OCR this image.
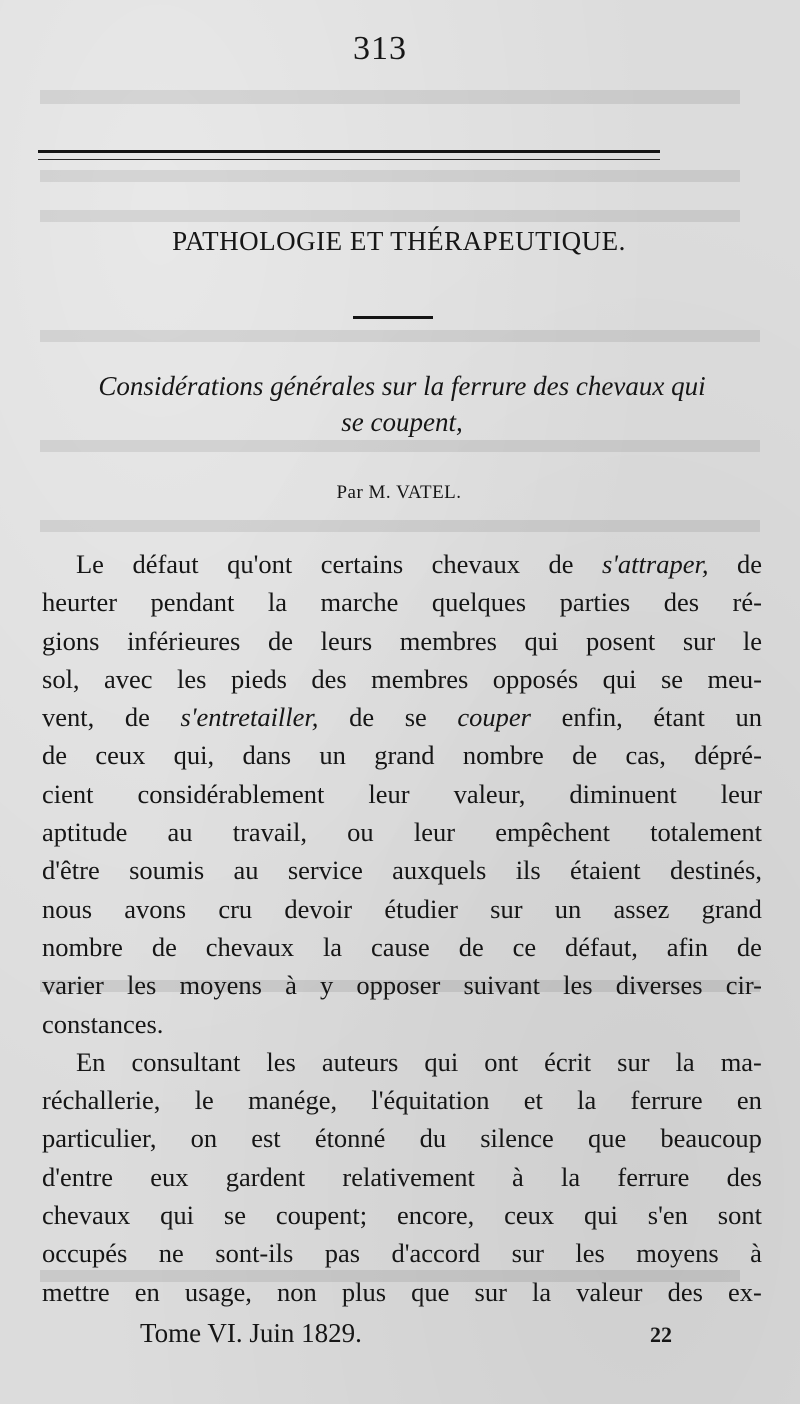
313
PATHOLOGIE ET THÉRAPEUTIQUE.
Considérations générales sur la ferrure des chevaux qui
se coupent,
Par M. VATEL.
Le défaut qu'ont certains chevaux de s'attraper, de
heurter pendant la marche quelques parties des ré-
gions inférieures de leurs membres qui posent sur le
sol, avec les pieds des membres opposés qui se meu-
vent, de s'entretailler, de se couper enfin, étant un
de ceux qui, dans un grand nombre de cas, dépré-
cient considérablement leur valeur, diminuent leur
aptitude au travail, ou leur empêchent totalement
d'être soumis au service auxquels ils étaient destinés,
nous avons cru devoir étudier sur un assez grand
nombre de chevaux la cause de ce défaut, afin de
varier les moyens à y opposer suivant les diverses cir-
constances.
En consultant les auteurs qui ont écrit sur la ma-
réchallerie, le manége, l'équitation et la ferrure en
particulier, on est étonné du silence que beaucoup
d'entre eux gardent relativement à la ferrure des
chevaux qui se coupent; encore, ceux qui s'en sont
occupés ne sont-ils pas d'accord sur les moyens à
mettre en usage, non plus que sur la valeur des ex-
Tome VI. Juin 1829.	22
